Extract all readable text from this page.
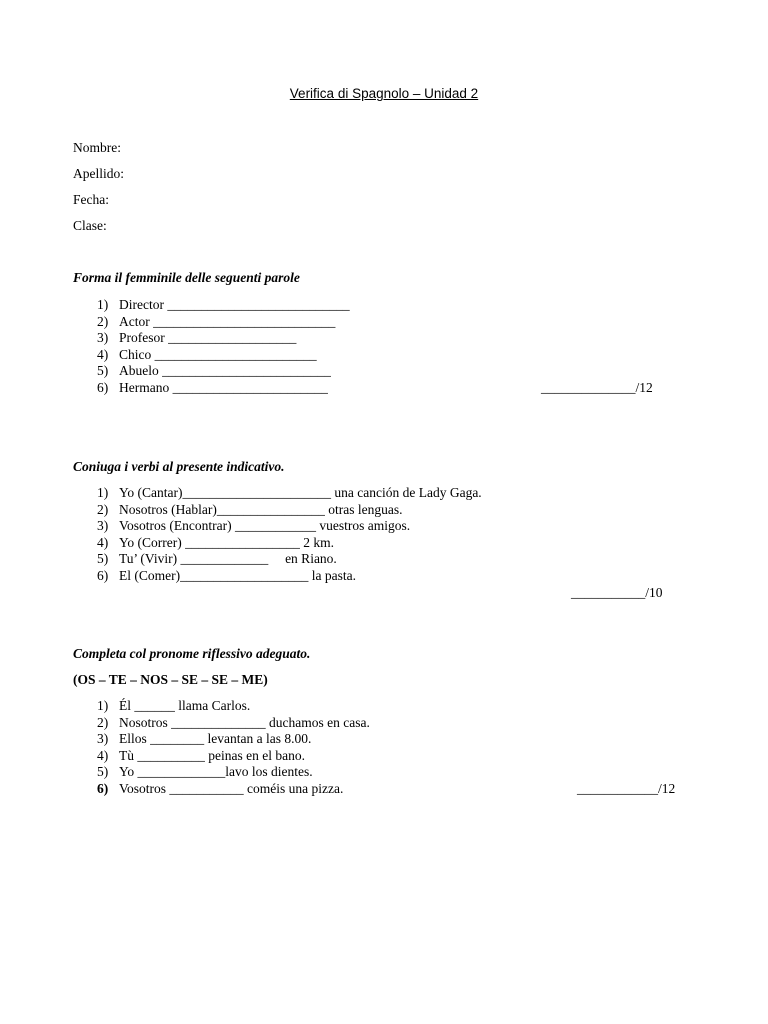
Verifica di Spagnolo – Unidad 2
Nombre:
Apellido:
Fecha:
Clase:
Forma il femminile delle seguenti parole
1) Director ___________________________
2) Actor ___________________________
3) Profesor ___________________
4) Chico ________________________
5) Abuelo _________________________
6) Hermano _______________________	______________/12
Coniuga i verbi al presente indicativo.
1) Yo (Cantar)______________________ una canción de Lady Gaga.
2) Nosotros (Hablar)________________ otras lenguas.
3) Vosotros (Encontrar) ____________ vuestros amigos.
4) Yo (Correr) _________________ 2 km.
5) Tu’ (Vivir) _____________     en Riano.
6) El (Comer)___________________ la pasta.
___________/10
Completa col pronome riflessivo adeguato.
(OS – TE – NOS – SE – SE – ME)
1) Él ______ llama Carlos.
2) Nosotros ______________ duchamos en casa.
3) Ellos ________ levantan a las 8.00.
4) Tù __________ peinas en el bano.
5) Yo _____________lavo los dientes.
6) Vosotros ___________ coméis una pizza.	____________/12
